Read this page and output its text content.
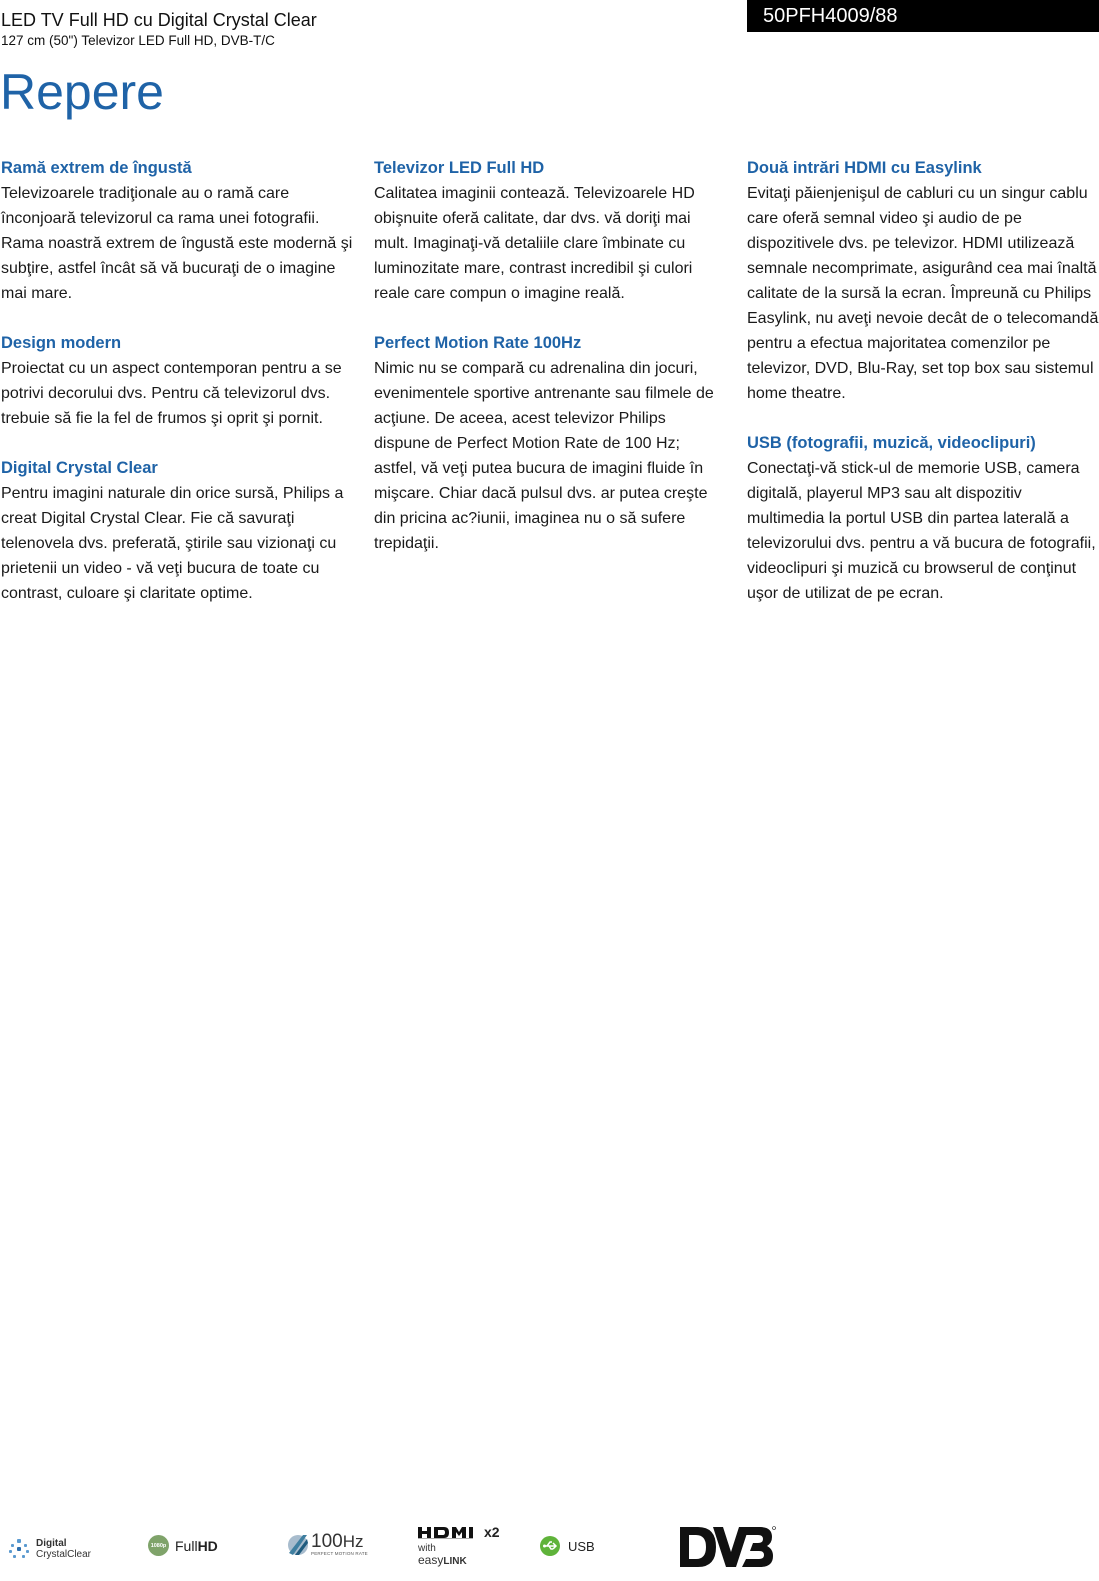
LED TV Full HD cu Digital Crystal Clear
127 cm (50") Televizor LED Full HD, DVB-T/C
50PFH4009/88
Repere
Ramă extrem de îngustă

Televizoarele tradiţionale au o ramă care înconjoară televizorul ca rama unei fotografii. Rama noastră extrem de îngustă este modernă şi subţire, astfel încât să vă bucuraţi de o imagine mai mare.

Design modern

Proiectat cu un aspect contemporan pentru a se potrivi decorului dvs. Pentru că televizorul dvs. trebuie să fie la fel de frumos şi oprit şi pornit.

Digital Crystal Clear

Pentru imagini naturale din orice sursă, Philips a creat Digital Crystal Clear. Fie că savuraţi telenovela dvs. preferată, ştirile sau vizionaţi cu prietenii un video - vă veţi bucura de toate cu contrast, culoare şi claritate optime.

Televizor LED Full HD

Calitatea imaginii contează. Televizoarele HD obişnuite oferă calitate, dar dvs. vă doriţi mai mult. Imaginaţi-vă detaliile clare îmbinate cu luminozitate mare, contrast incredibil şi culori reale care compun o imagine reală.

Perfect Motion Rate 100Hz

Nimic nu se compară cu adrenalina din jocuri, evenimentele sportive antrenante sau filmele de acţiune. De aceea, acest televizor Philips dispune de Perfect Motion Rate de 100 Hz; astfel, vă veţi putea bucura de imagini fluide în mişcare. Chiar dacă pulsul dvs. ar putea creşte din pricina ac?iunii, imaginea nu o să sufere trepidaţii.

Două intrări HDMI cu Easylink

Evitaţi păienjenişul de cabluri cu un singur cablu care oferă semnal video şi audio de pe dispozitivele dvs. pe televizor. HDMI utilizează semnale necomprimate, asigurând cea mai înaltă calitate de la sursă la ecran. Împreună cu Philips Easylink, nu aveţi nevoie decât de o telecomandă pentru a efectua majoritatea comenzilor pe televizor, DVD, Blu-Ray, set top box sau sistemul home theatre.

USB (fotografii, muzică, videoclipuri)

Conectaţi-vă stick-ul de memorie USB, camera digitală, playerul MP3 sau alt dispozitiv multimedia la portul USB din partea laterală a televizorului dvs. pentru a vă bucura de fotografii, videoclipuri şi muzică cu browserul de conţinut uşor de utilizat de pe ecran.

Digital
CrystalClear
1080p Full HD	100Hz
PERFECT MOTION RATE
x2
with
easyLINK
USB
